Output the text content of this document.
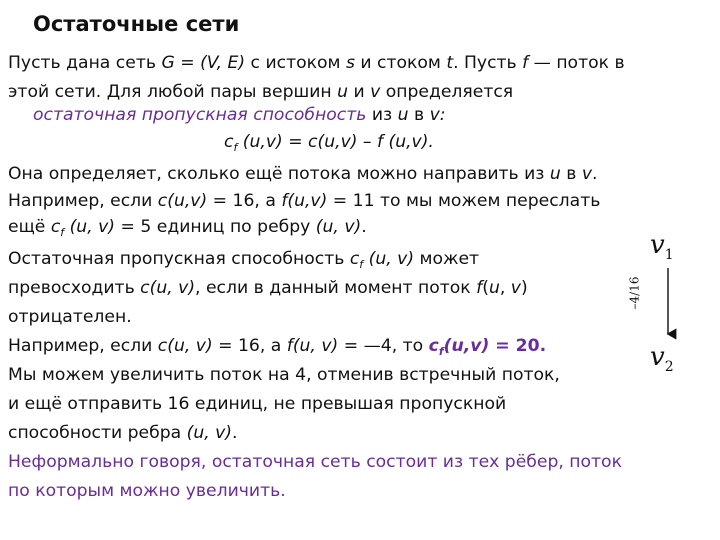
Остаточные сети
Пусть дана сеть G = (V, E) с истоком s и стоком t. Пусть f — поток в
этой сети. Для любой пары вершин u и v определяется
остаточная пропускная способность из u в v:
$c_f$ (u,v) = c(u,v) – f (u,v).
Она определяет, сколько ещё потока можно направить из u в v.
Например, если c(u,v) = 16, а f(u,v) = 11 то мы можем переслать
ещё $c_f$ (u, v) = 5 единиц по ребру (u, v).
Остаточная пропускная способность $c_f$ (u, v) может
превосходить c(u, v), если в данный момент поток f(u, v)
отрицателен.
Например, если c(u, v) = 16, а f(u, v) = —4, то $c_f(u,v) = 20$.
Мы можем увеличить поток на 4, отменив встречный поток,
и ещё отправить 16 единиц, не превышая пропускной
способности ребра (u, v).
Неформально говоря, остаточная сеть состоит из тех рёбер, поток
по которым можно увеличить.
$v_1$
$v_2$
–4/16
